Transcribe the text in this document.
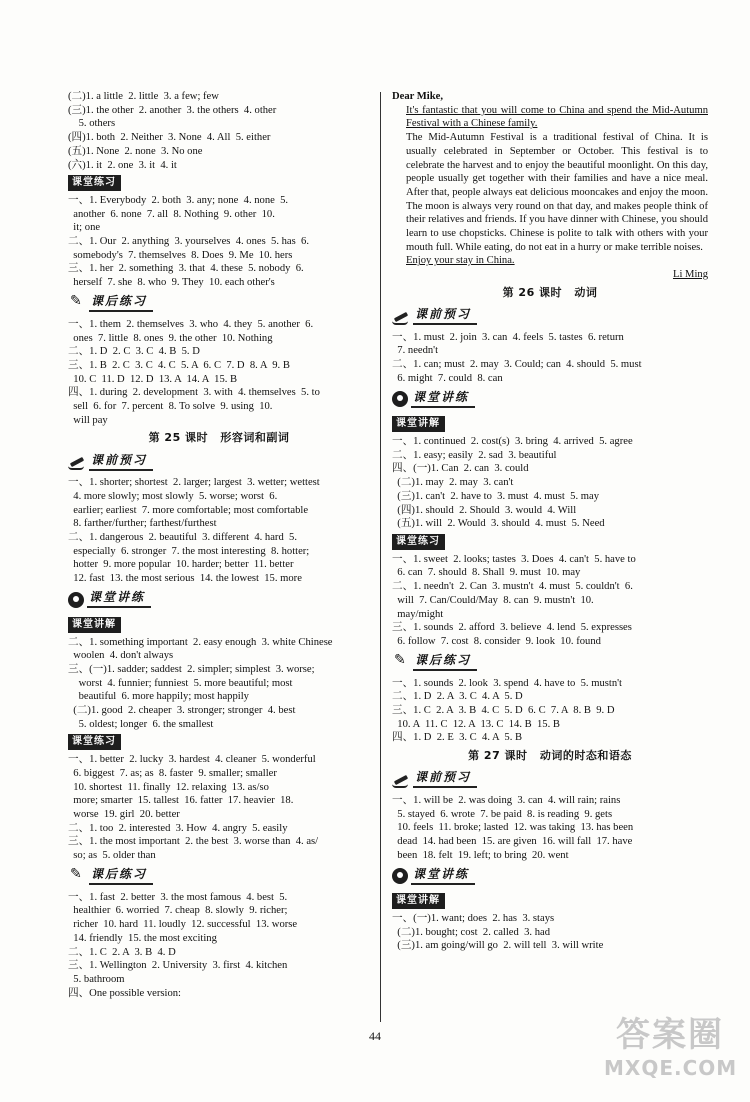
(二)1. a little  2. little  3. a few; few
(三)1. the other  2. another  3. the others  4. other
5. others
(四)1. both  2. Neither  3. None  4. All  5. either
(五)1. None  2. none  3. No one
(六)1. it  2. one  3. it  4. it
课堂练习
一、1. Everybody  2. both  3. any; none  4. none  5.
another  6. none  7. all  8. Nothing  9. other  10.
it; one
二、1. Our  2. anything  3. yourselves  4. ones  5. has  6.
somebody's  7. themselves  8. Does  9. Me  10. hers
三、1. her  2. something  3. that  4. these  5. nobody  6.
herself  7. she  8. who  9. They  10. each other's
✎
课后练习
一、1. them  2. themselves  3. who  4. they  5. another  6.
ones  7. little  8. ones  9. the other  10. Nothing
二、1. D  2. C  3. C  4. B  5. D
三、1. B  2. C  3. C  4. C  5. A  6. C  7. D  8. A  9. B
10. C  11. D  12. D  13. A  14. A  15. B
四、1. during  2. development  3. with  4. themselves  5. to
sell  6. for  7. percent  8. To solve  9. using  10.
will pay
第 25 课时 形容词和副词
课前预习
一、1. shorter; shortest  2. larger; largest  3. wetter; wettest
4. more slowly; most slowly  5. worse; worst  6.
earlier; earliest  7. more comfortable; most comfortable
8. farther/further; farthest/furthest
二、1. dangerous  2. beautiful  3. different  4. hard  5.
especially  6. stronger  7. the most interesting  8. hotter;
hotter  9. more popular  10. harder; better  11. better
12. fast  13. the most serious  14. the lowest  15. more
课堂讲练
课堂讲解
二、1. something important  2. easy enough  3. white Chinese
woolen  4. don't always
三、(一)1. sadder; saddest  2. simpler; simplest  3. worse;
worst  4. funnier; funniest  5. more beautiful; most
beautiful  6. more happily; most happily
(二)1. good  2. cheaper  3. stronger; stronger  4. best
5. oldest; longer  6. the smallest
课堂练习
一、1. better  2. lucky  3. hardest  4. cleaner  5. wonderful
6. biggest  7. as; as  8. faster  9. smaller; smaller
10. shortest  11. finally  12. relaxing  13. as/so
more; smarter  15. tallest  16. fatter  17. heavier  18.
worse  19. girl  20. better
二、1. too  2. interested  3. How  4. angry  5. easily
三、1. the most important  2. the best  3. worse than  4. as/
so; as  5. older than
✎
课后练习
一、1. fast  2. better  3. the most famous  4. best  5.
healthier  6. worried  7. cheap  8. slowly  9. richer;
richer  10. hard  11. loudly  12. successful  13. worse
14. friendly  15. the most exciting
二、1. C  2. A  3. B  4. D
三、1. Wellington  2. University  3. first  4. kitchen
5. bathroom
四、One possible version:
Dear Mike,
It's fantastic that you will come to China and spend the Mid-Autumn Festival with a Chinese family.
The Mid-Autumn Festival is a traditional festival of China. It is usually celebrated in September or October. This festival is to celebrate the harvest and to enjoy the beautiful moonlight. On this day, people usually get together with their families and have a nice meal. After that, people always eat delicious mooncakes and enjoy the moon. The moon is always very round on that day, and makes people think of their relatives and friends. If you have dinner with Chinese, you should learn to use chopsticks. Chinese is polite to talk with others with your mouth full. While eating, do not eat in a hurry or make terrible noises.
Enjoy your stay in China.
Li Ming
第 26 课时 动词
课前预习
一、1. must  2. join  3. can  4. feels  5. tastes  6. return
7. needn't
二、1. can; must  2. may  3. Could; can  4. should  5. must
6. might  7. could  8. can
课堂讲练
课堂讲解
一、1. continued  2. cost(s)  3. bring  4. arrived  5. agree
二、1. easy; easily  2. sad  3. beautiful
四、(一)1. Can  2. can  3. could
(二)1. may  2. may  3. can't
(三)1. can't  2. have to  3. must  4. must  5. may
(四)1. should  2. Should  3. would  4. Will
(五)1. will  2. Would  3. should  4. must  5. Need
课堂练习
一、1. sweet  2. looks; tastes  3. Does  4. can't  5. have to
6. can  7. should  8. Shall  9. must  10. may
二、1. needn't  2. Can  3. mustn't  4. must  5. couldn't  6.
will  7. Can/Could/May  8. can  9. mustn't  10.
may/might
三、1. sounds  2. afford  3. believe  4. lend  5. expresses
6. follow  7. cost  8. consider  9. look  10. found
✎
课后练习
一、1. sounds  2. look  3. spend  4. have to  5. mustn't
二、1. D  2. A  3. C  4. A  5. D
三、1. C  2. A  3. B  4. C  5. D  6. C  7. A  8. B  9. D
10. A  11. C  12. A  13. C  14. B  15. B
四、1. D  2. E  3. C  4. A  5. B
第 27 课时 动词的时态和语态
课前预习
一、1. will be  2. was doing  3. can  4. will rain; rains
5. stayed  6. wrote  7. be paid  8. is reading  9. gets
10. feels  11. broke; lasted  12. was taking  13. has been
dead  14. had been  15. are given  16. will fall  17. have
been  18. felt  19. left; to bring  20. went
课堂讲练
课堂讲解
一、(一)1. want; does  2. has  3. stays
(二)1. bought; cost  2. called  3. had
(三)1. am going/will go  2. will tell  3. will write
44	答案圈
MXQE.COM
